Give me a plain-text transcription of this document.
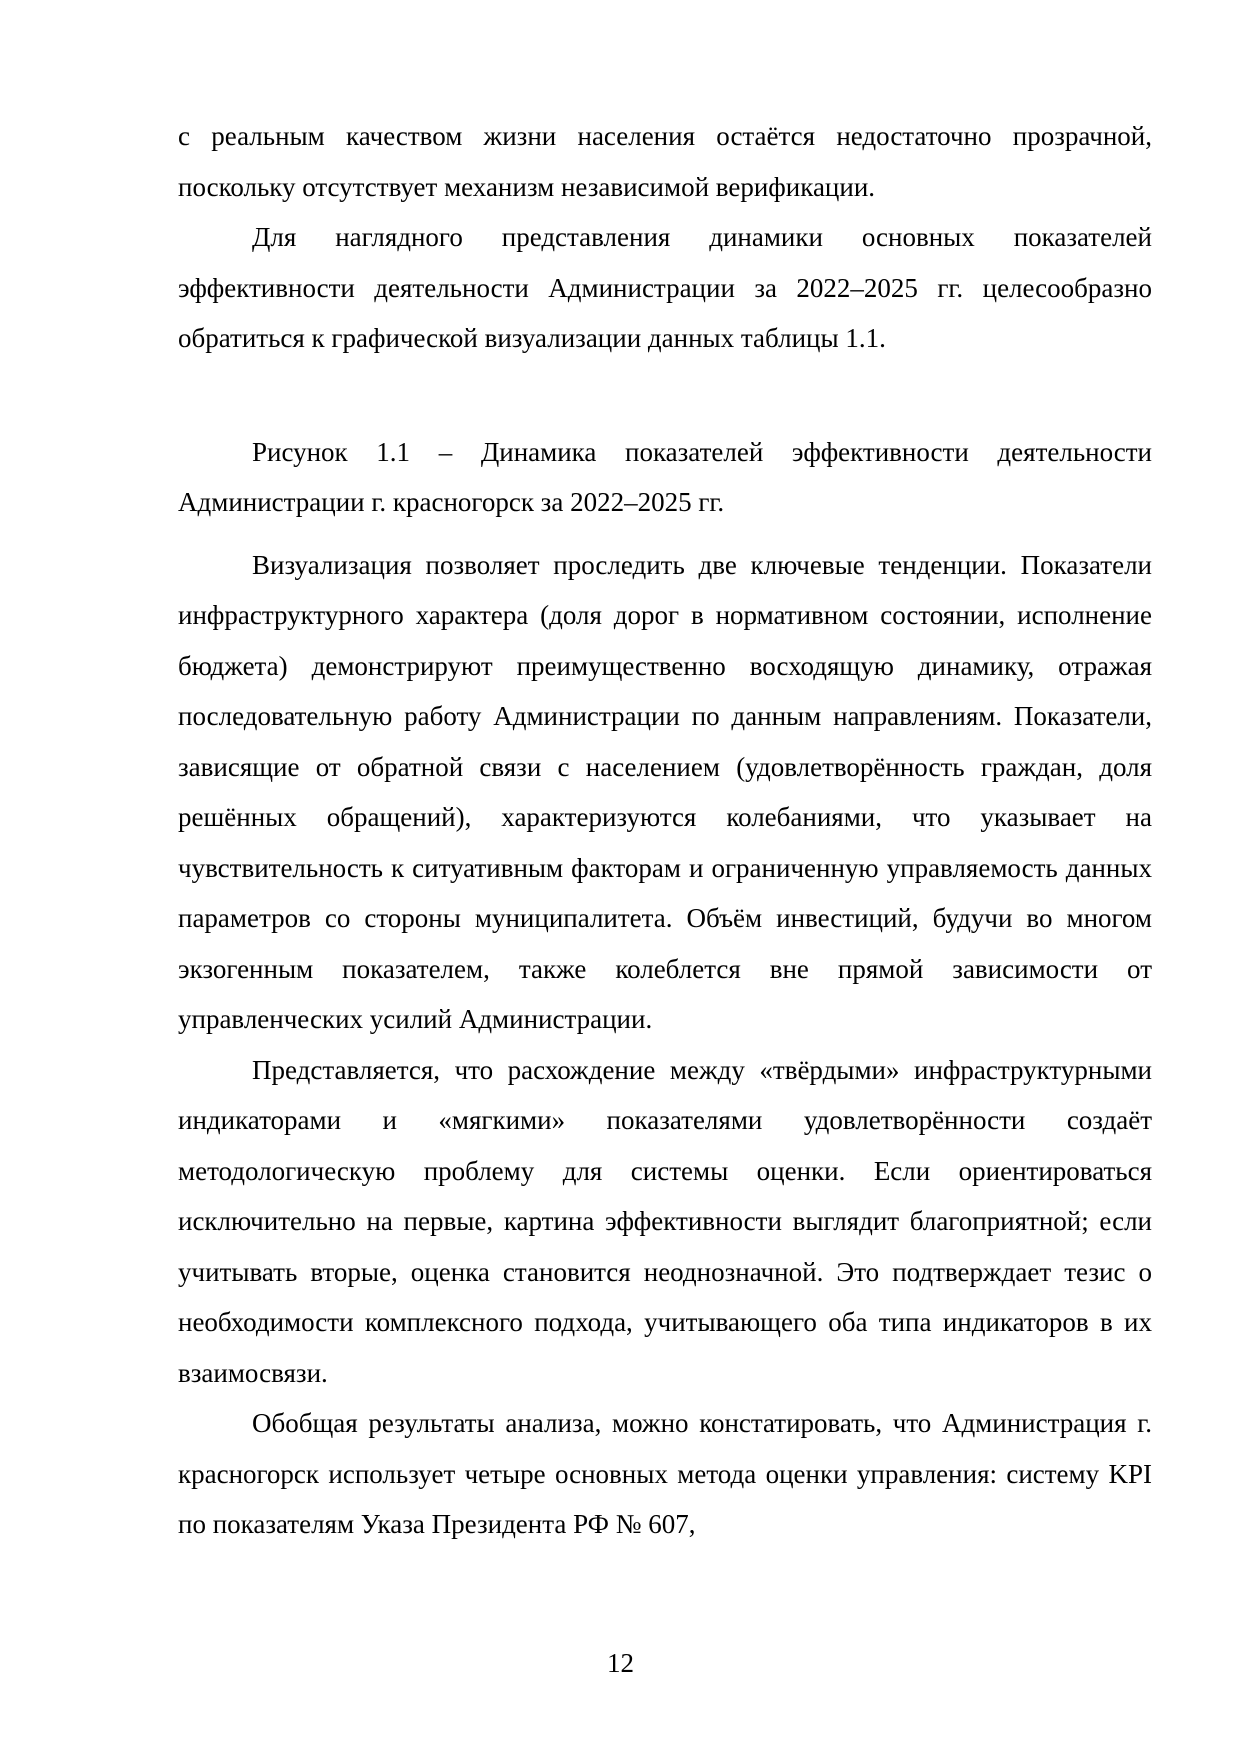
с реальным качеством жизни населения остаётся недостаточно прозрачной, поскольку отсутствует механизм независимой верификации.

Для наглядного представления динамики основных показателей эффективности деятельности Администрации за 2022–2025 гг. целесообразно обратиться к графической визуализации данных таблицы 1.1.

Рисунок 1.1 – Динамика показателей эффективности деятельности Администрации г. красногорск за 2022–2025 гг.

Визуализация позволяет проследить две ключевые тенденции. Показатели инфраструктурного характера (доля дорог в нормативном состоянии, исполнение бюджета) демонстрируют преимущественно восходящую динамику, отражая последовательную работу Администрации по данным направлениям. Показатели, зависящие от обратной связи с населением (удовлетворённость граждан, доля решённых обращений), характеризуются колебаниями, что указывает на чувствительность к ситуативным факторам и ограниченную управляемость данных параметров со стороны муниципалитета. Объём инвестиций, будучи во многом экзогенным показателем, также колеблется вне прямой зависимости от управленческих усилий Администрации.

Представляется, что расхождение между «твёрдыми» инфраструктурными индикаторами и «мягкими» показателями удовлетворённости создаёт методологическую проблему для системы оценки. Если ориентироваться исключительно на первые, картина эффективности выглядит благоприятной; если учитывать вторые, оценка становится неоднозначной. Это подтверждает тезис о необходимости комплексного подхода, учитывающего оба типа индикаторов в их взаимосвязи.

Обобщая результаты анализа, можно констатировать, что Администрация г. красногорск использует четыре основных метода оценки управления: систему KPI по показателям Указа Президента РФ № 607,

12
